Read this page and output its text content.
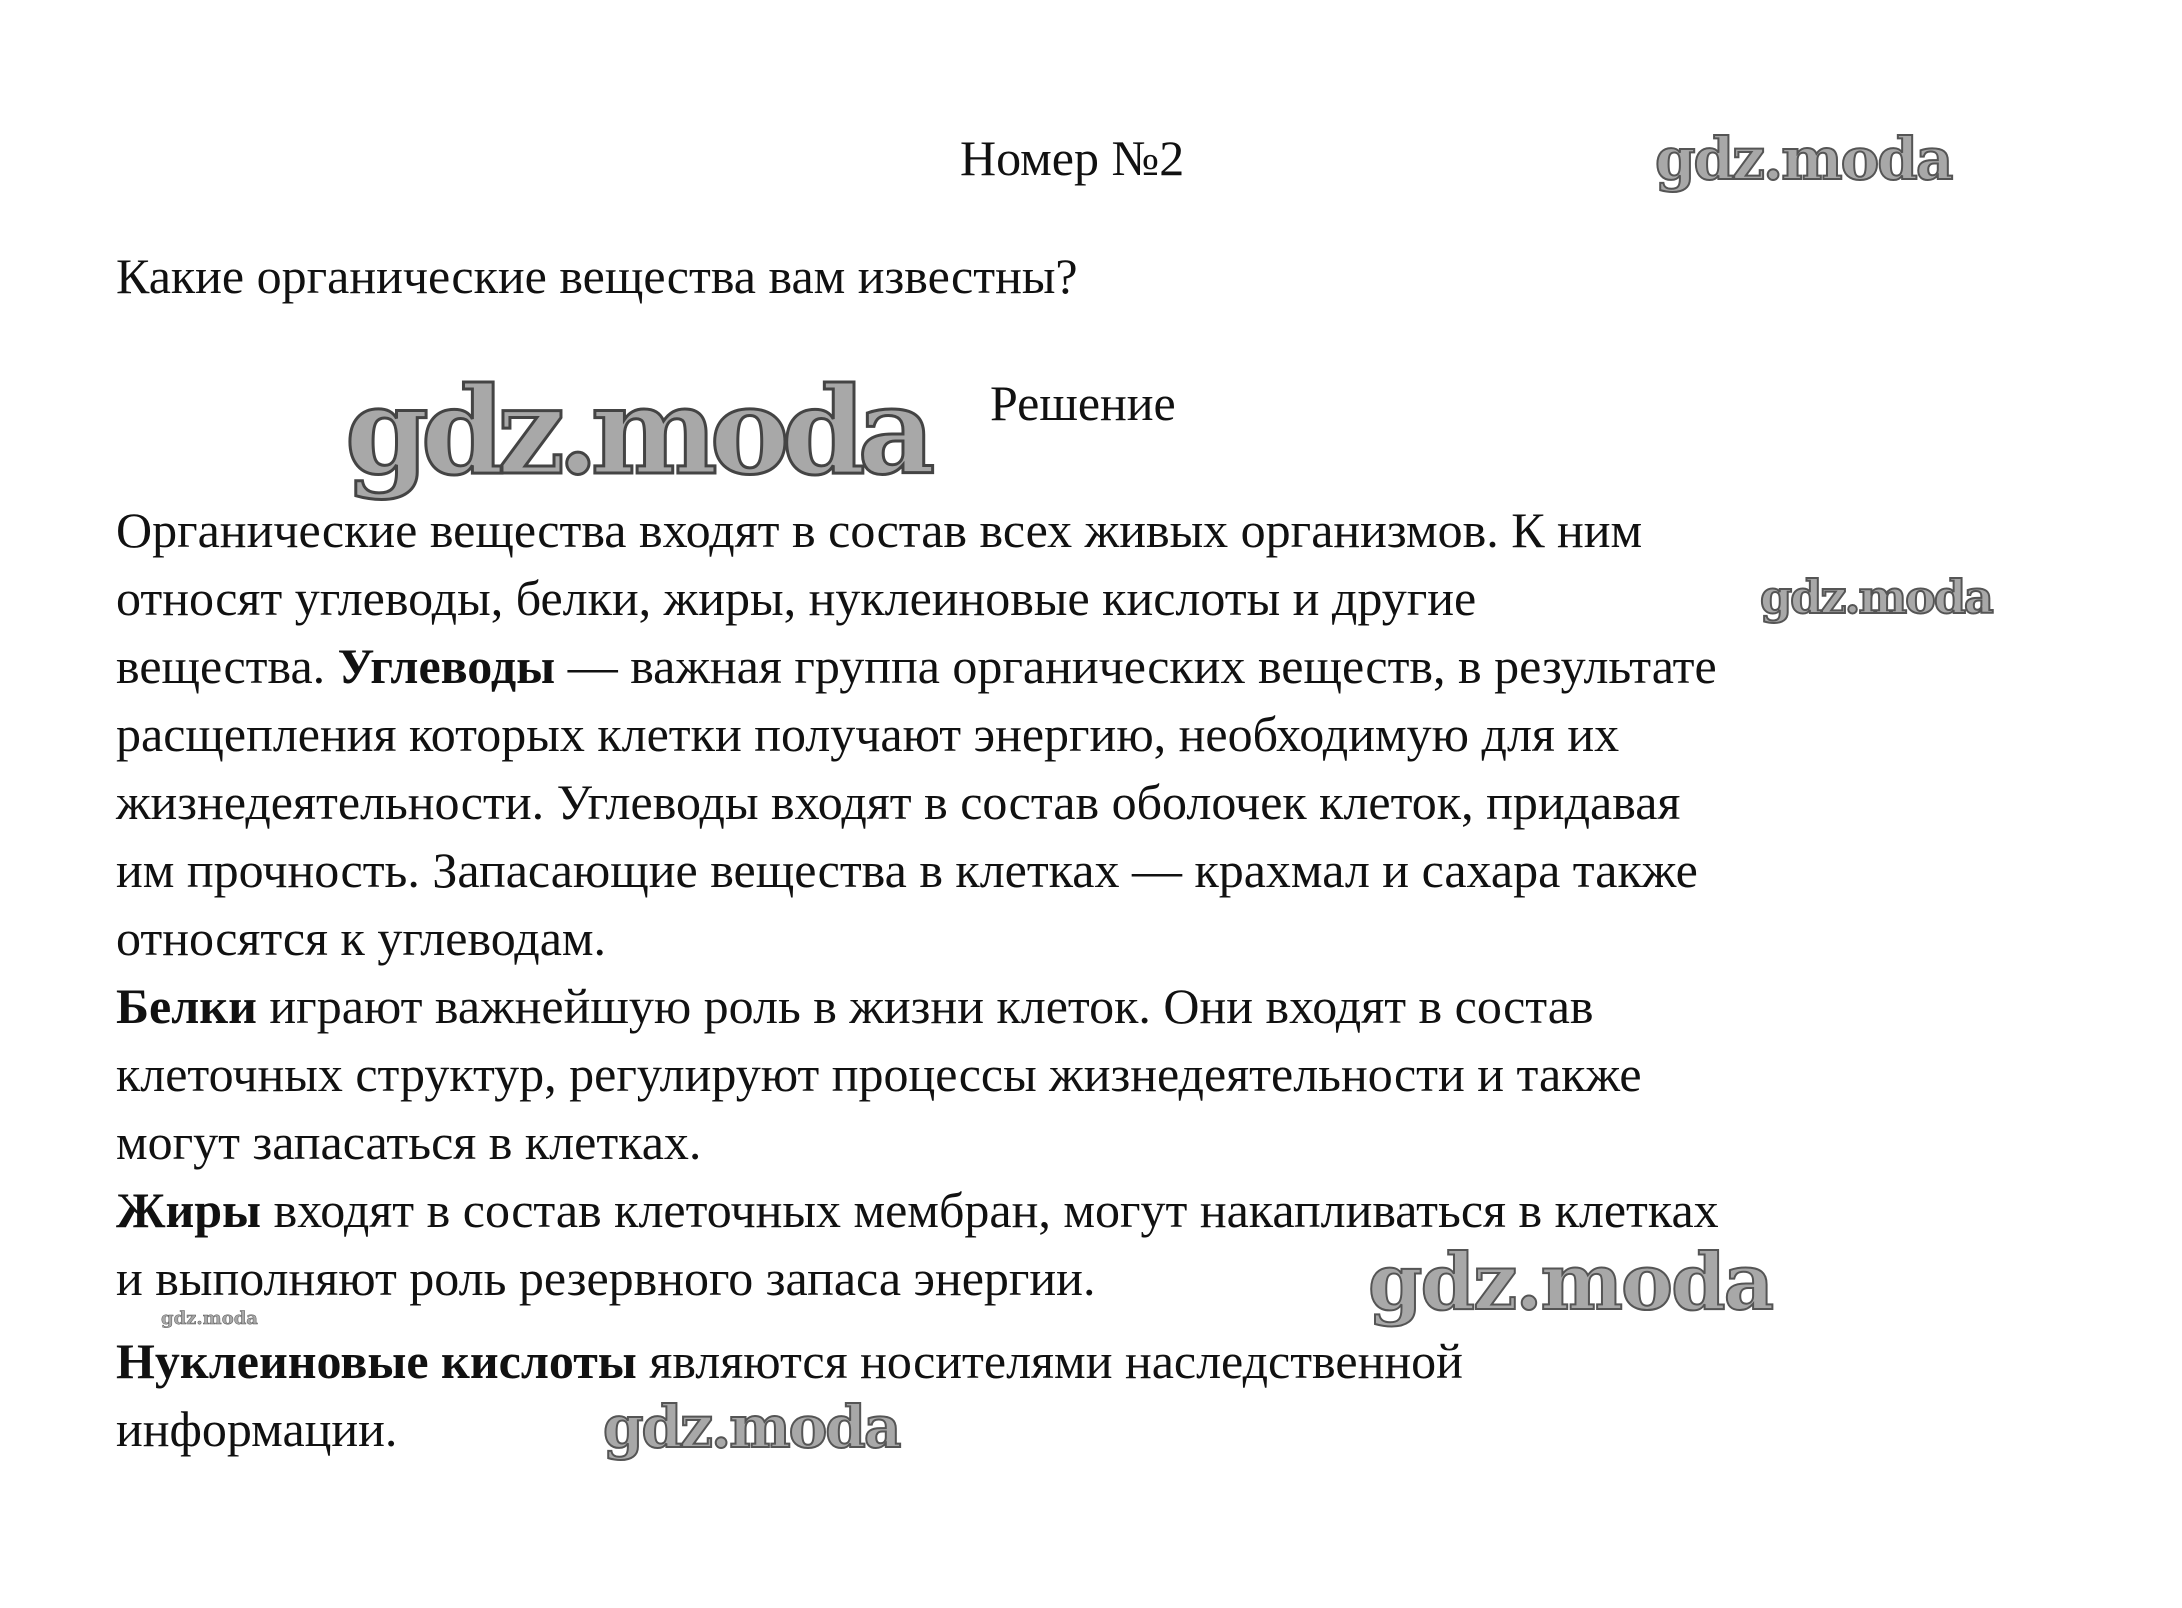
Номер №2
Какие органические вещества вам известны?
Решение
Органические вещества входят в состав всех живых организмов. К ним
относят углеводы, белки, жиры, нуклеиновые кислоты и другие
вещества. Углеводы — важная группа органических веществ, в результате
расщепления которых клетки получают энергию, необходимую для их
жизнедеятельности. Углеводы входят в состав оболочек клеток, придавая
им прочность. Запасающие вещества в клетках — крахмал и сахара также
относятся к углеводам.
Белки играют важнейшую роль в жизни клеток. Они входят в состав
клеточных структур, регулируют процессы жизнедеятельности и также
могут запасаться в клетках.
Жиры входят в состав клеточных мембран, могут накапливаться в клетках
и выполняют роль резервного запаса энергии.
Нуклеиновые кислоты являются носителями наследственной
информации.
gdz.moda
gdz.moda
gdz.moda
gdz.moda
gdz.moda
gdz.moda
